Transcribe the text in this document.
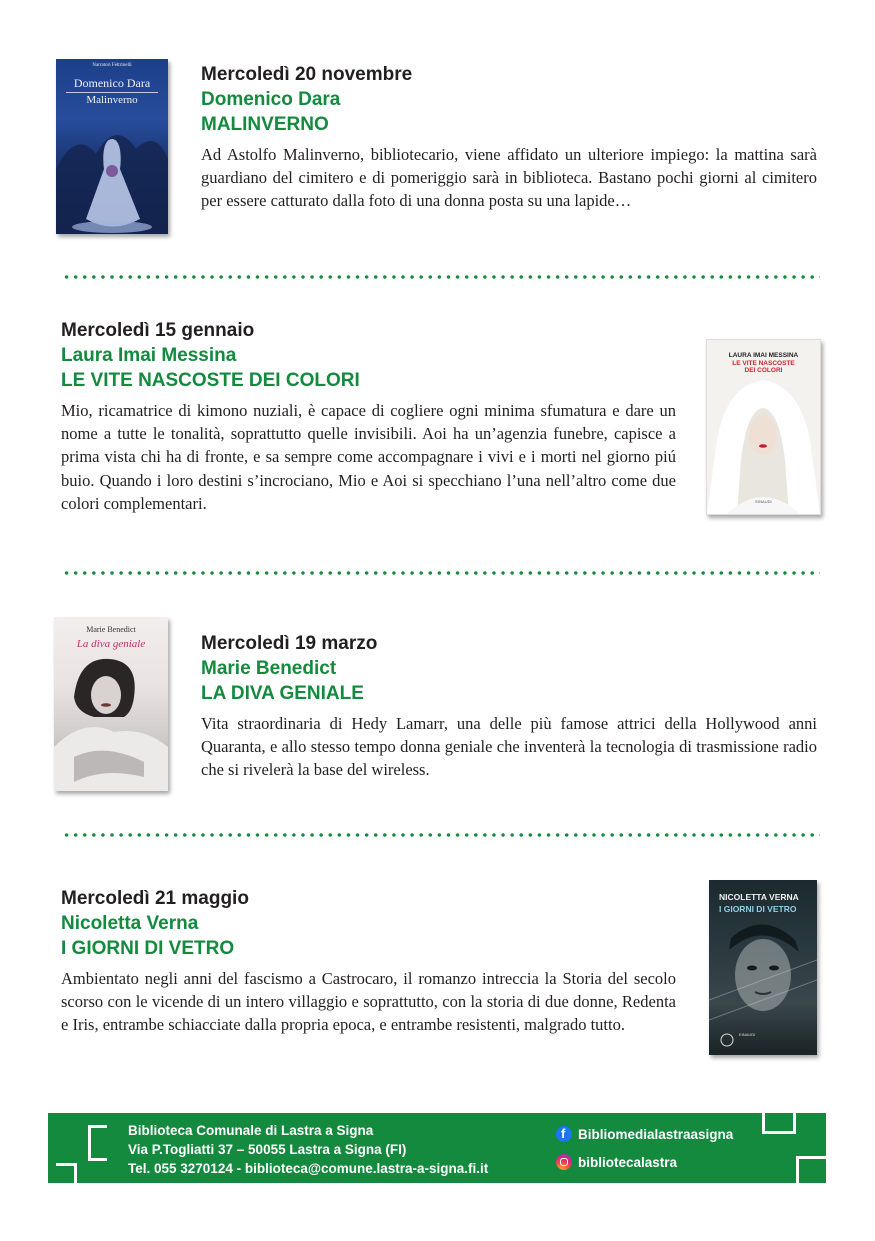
Narratori Feltrinelli
Domenico Dara
Malinverno
Mercoledì 20 novembre
Domenico Dara
MALINVERNO

Ad Astolfo Malinverno, bibliotecario, viene affidato un ulteriore impiego: la mattina sarà guardiano del cimitero e di pomeriggio sarà in biblioteca. Bastano pochi giorni al cimitero per essere catturato dalla foto di una donna posta su una lapide…

Mercoledì 15 gennaio
Laura Imai Messina
LE VITE NASCOSTE DEI COLORI

Mio, ricamatrice di kimono nuziali, è capace di cogliere ogni minima sfumatura e dare un nome a tutte le tonalità, soprattutto quelle invisibili. Aoi ha un’agenzia funebre, capisce a prima vista chi ha di fronte, e sa sempre come accompagnare i vivi e i morti nel giorno piú buio. Quando i loro destini s’incrociano, Mio e Aoi si specchiano l’una nell’altro come due colori complementari.

LAURA IMAI MESSINA
LE VITE NASCOSTE DEI COLORI
EINAUDI
Marie Benedict
La diva geniale	Mercoledì 19 marzo
Marie Benedict
LA DIVA GENIALE

Vita straordinaria di Hedy Lamarr, una delle più famose attrici della Hollywood anni Quaranta, e allo stesso tempo donna geniale che inventerà la tecnologia di trasmissione radio che si rivelerà la base del wireless.

Mercoledì 21 maggio
Nicoletta Verna
I GIORNI DI VETRO

Ambientato negli anni del fascismo a Castrocaro, il romanzo intreccia la Storia del secolo scorso con le vicende di un intero villaggio e soprattutto, con la storia di due donne, Redenta e Iris, entrambe schiacciate dalla propria epoca, e entrambe resistenti, malgrado tutto.

NICOLETTA VERNA
I GIORNI DI VETRO
EINAUDI
Biblioteca Comunale di Lastra a Signa
Via P.Togliatti 37 – 50055 Lastra a Signa (FI)
Tel. 055 3270124 - biblioteca@comune.lastra-a-signa.fi.it
f Bibliomedialastraasigna
bibliotecalastra
